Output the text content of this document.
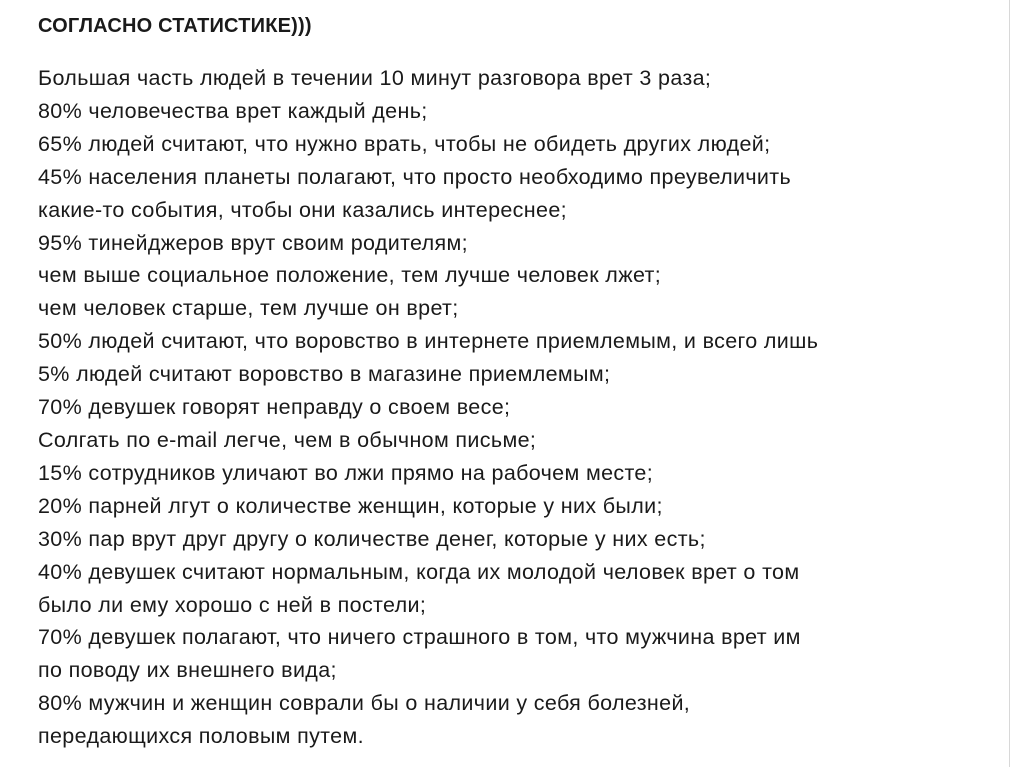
СОГЛАСНО СТАТИСТИКЕ)))
Большая часть людей в течении 10 минут разговора врет 3 раза;
80% человечества врет каждый день;
65% людей считают, что нужно врать, чтобы не обидеть других людей;
45% населения планеты полагают, что просто необходимо преувеличить
какие-то события, чтобы они казались интереснее;
95% тинейджеров врут своим родителям;
чем выше социальное положение, тем лучше человек лжет;
чем человек старше, тем лучше он врет;
50% людей считают, что воровство в интернете приемлемым, и всего лишь
5% людей считают воровство в магазине приемлемым;
70% девушек говорят неправду о своем весе;
Солгать по e-mail легче, чем в обычном письме;
15% сотрудников уличают во лжи прямо на рабочем месте;
20% парней лгут о количестве женщин, которые у них были;
30% пар врут друг другу о количестве денег, которые у них есть;
40% девушек считают нормальным, когда их молодой человек врет о том
было ли ему хорошо с ней в постели;
70% девушек полагают, что ничего страшного в том, что мужчина врет им
по поводу их внешнего вида;
80% мужчин и женщин соврали бы о наличии у себя болезней,
передающихся половым путем.
